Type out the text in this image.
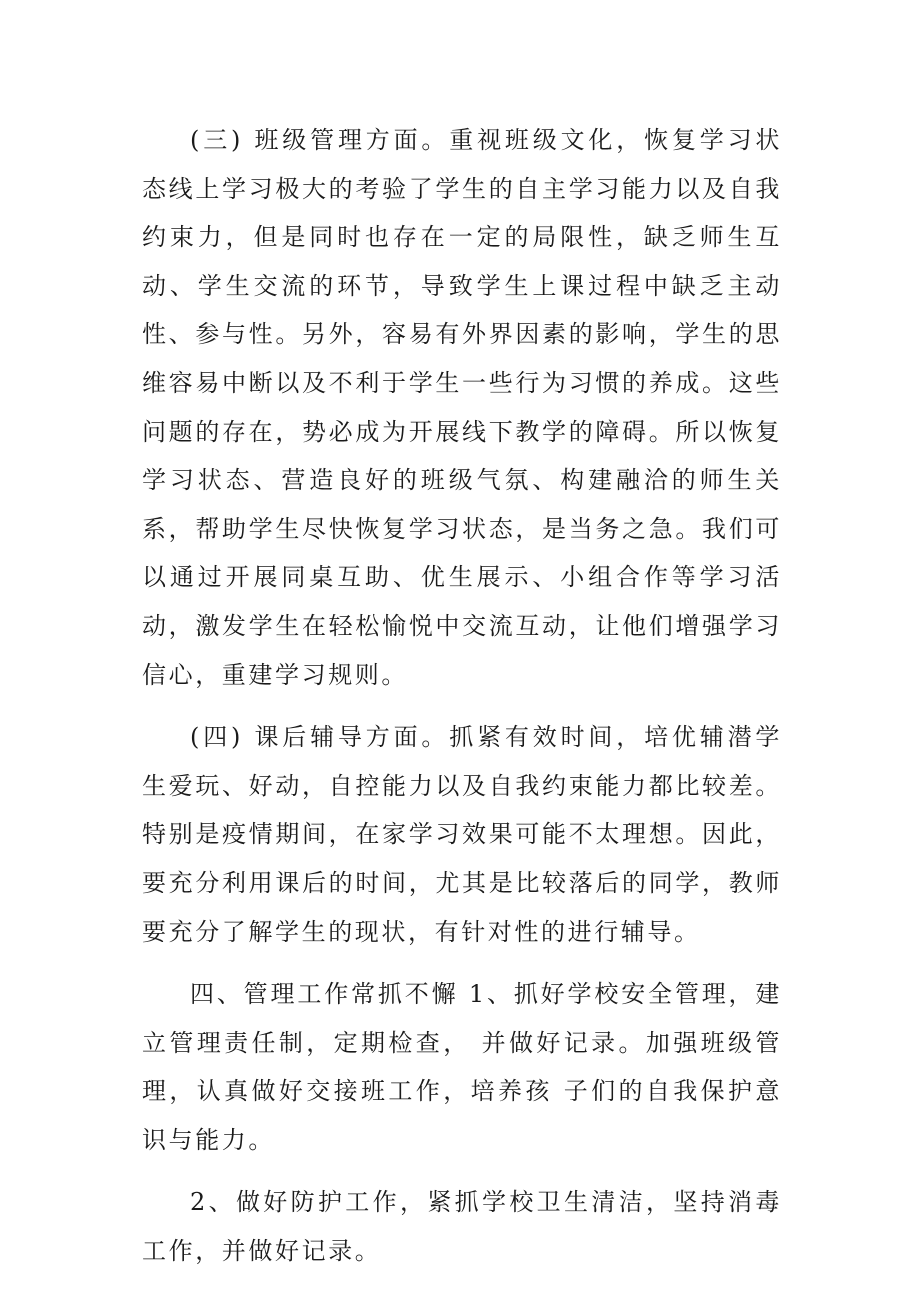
(三) 班级管理方面。重视班级文化，恢复学习状态线上学习极大的考验了学生的自主学习能力以及自我约束力，但是同时也存在一定的局限性，缺乏师生互动、学生交流的环节，导致学生上课过程中缺乏主动性、参与性。另外，容易有外界因素的影响，学生的思维容易中断以及不利于学生一些行为习惯的养成。这些问题的存在，势必成为开展线下教学的障碍。所以恢复学习状态、营造良好的班级气氛、构建融洽的师生关系，帮助学生尽快恢复学习状态，是当务之急。我们可以通过开展同桌互助、优生展示、小组合作等学习活动，激发学生在轻松愉悦中交流互动，让他们增强学习信心，重建学习规则。

(四) 课后辅导方面。抓紧有效时间，培优辅潜学生爱玩、好动，自控能力以及自我约束能力都比较差。特别是疫情期间，在家学习效果可能不太理想。因此，要充分利用课后的时间，尤其是比较落后的同学，教师要充分了解学生的现状，有针对性的进行辅导。

四、管理工作常抓不懈 1、抓好学校安全管理，建立管理责任制，定期检查， 并做好记录。加强班级管理，认真做好交接班工作，培养孩 子们的自我保护意识与能力。

2、做好防护工作，紧抓学校卫生清洁，坚持消毒工作，并做好记录。
